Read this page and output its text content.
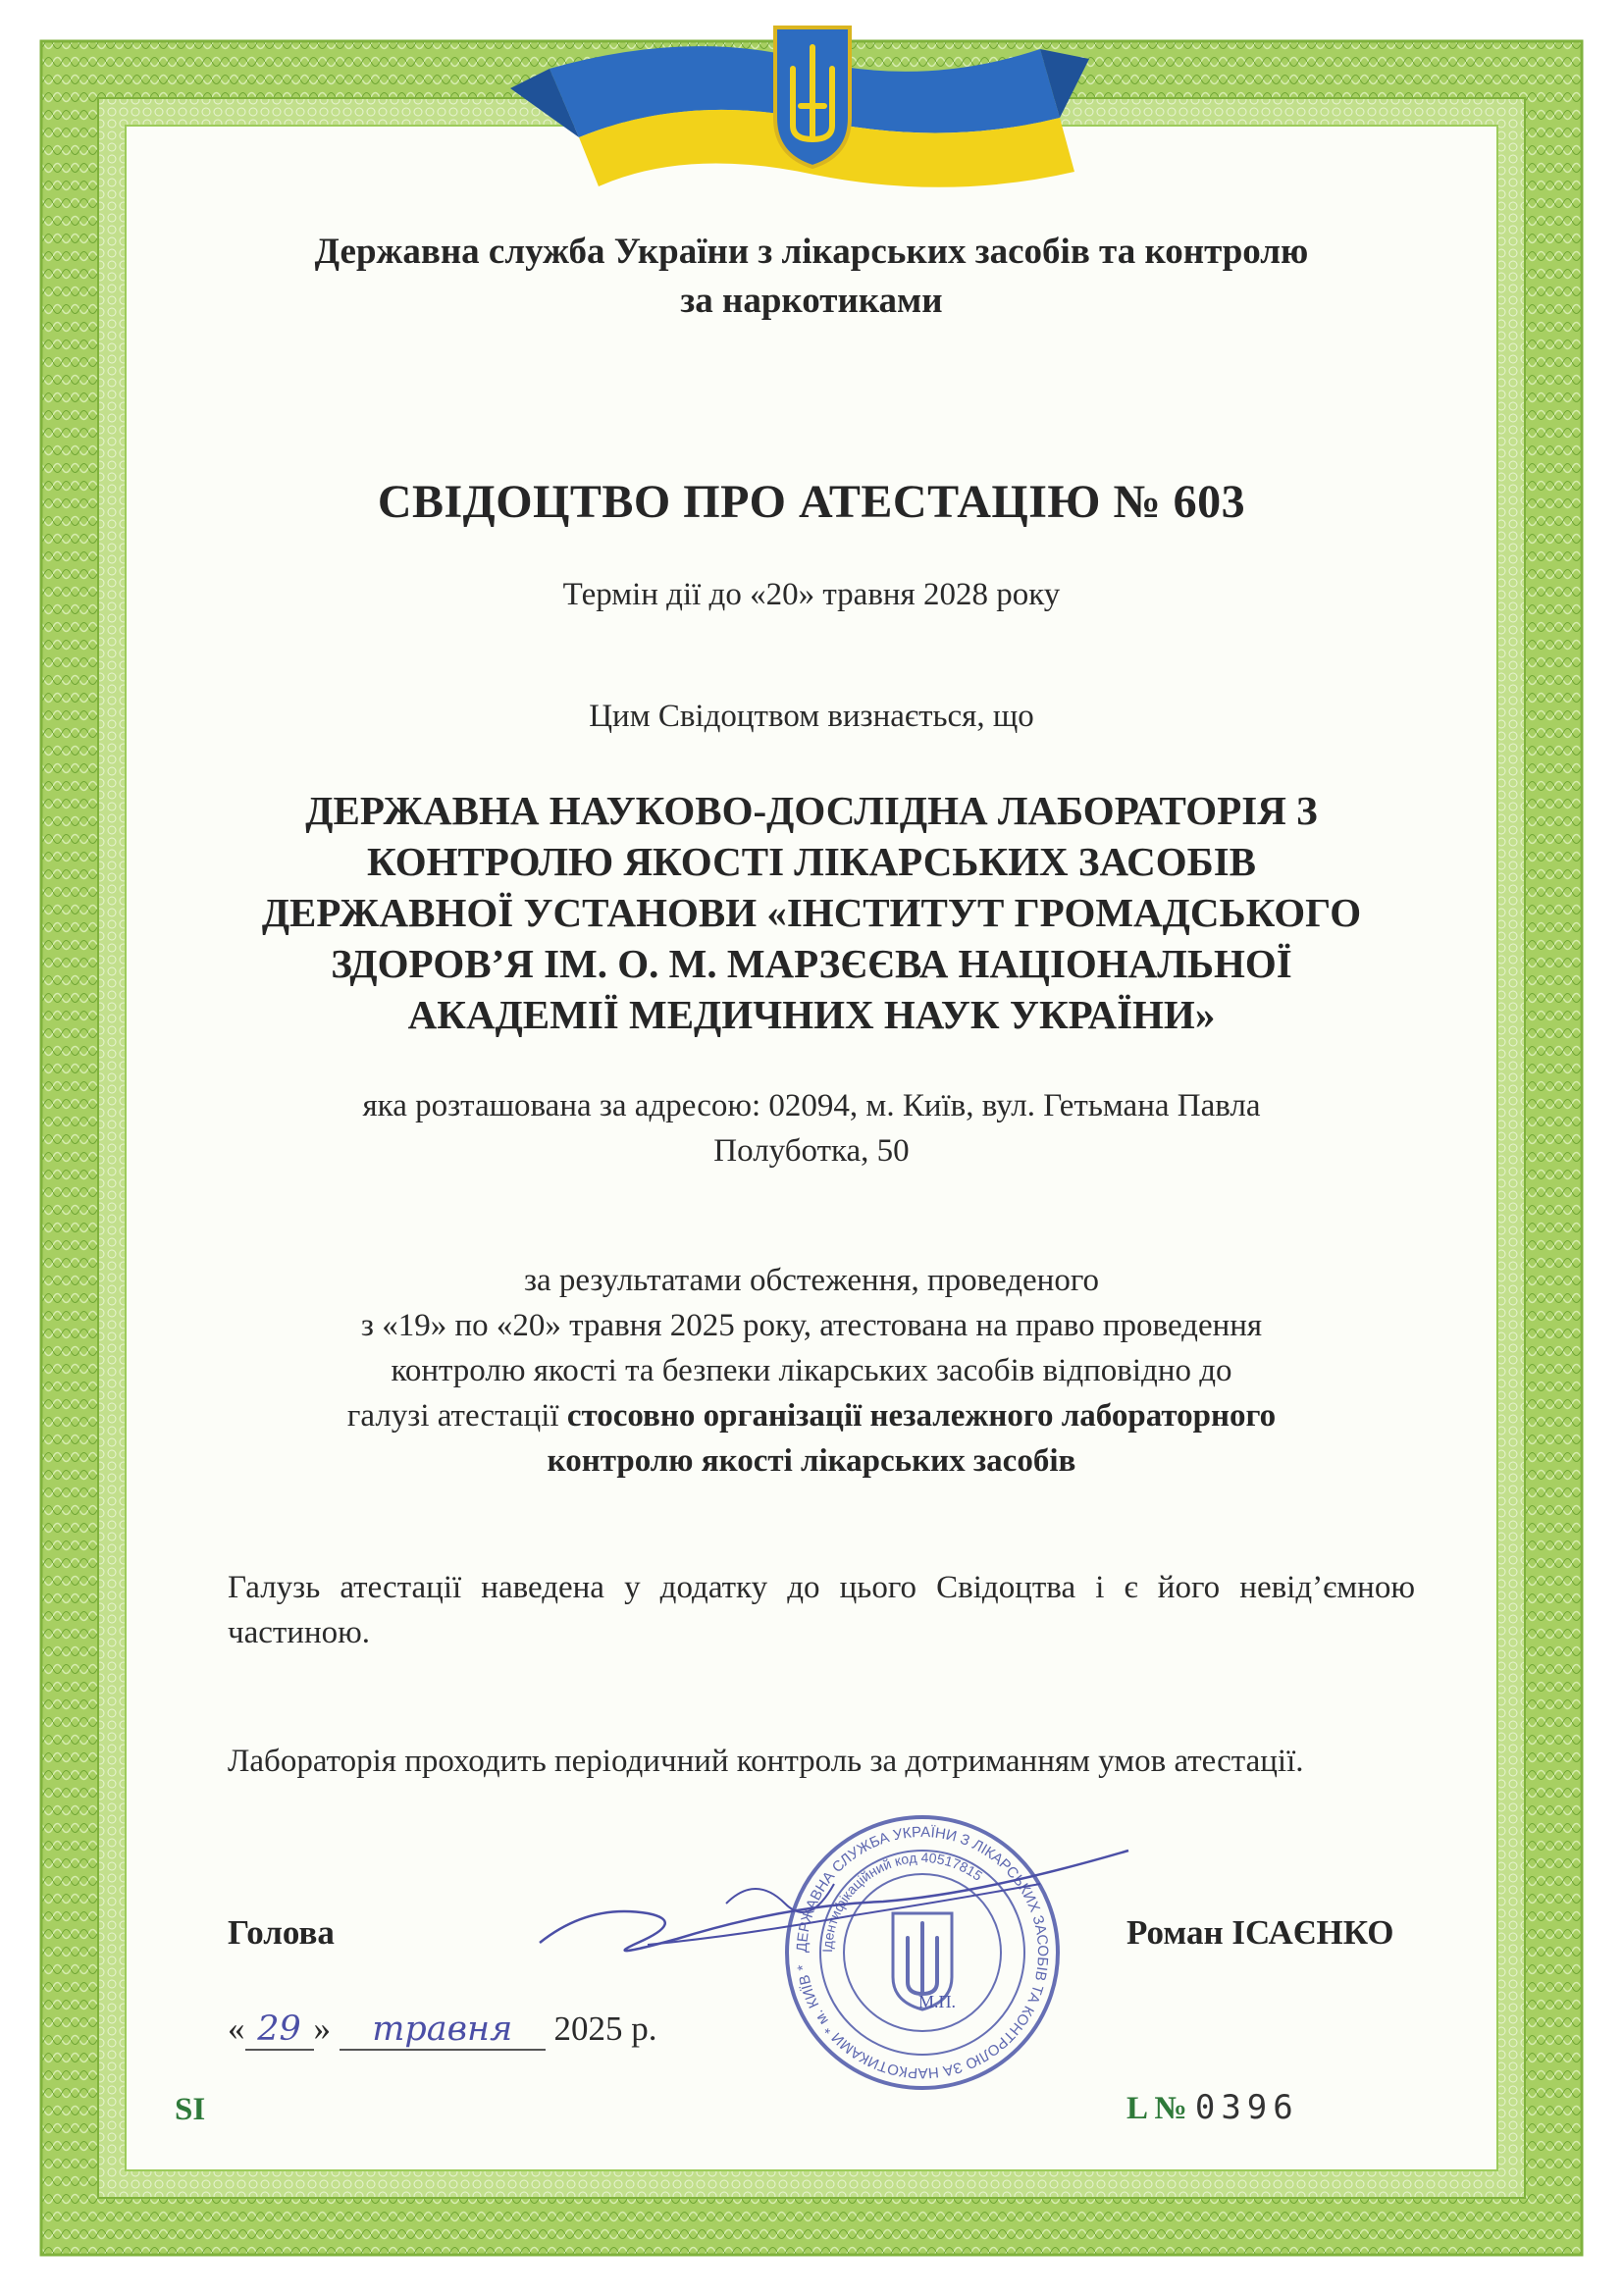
Державна служба України з лікарських засобів та контролю
за наркотиками
СВІДОЦТВО ПРО АТЕСТАЦІЮ № 603
Термін дії до «20» травня 2028 року
Цим Свідоцтвом визнається, що
ДЕРЖАВНА НАУКОВО-ДОСЛІДНА ЛАБОРАТОРІЯ З
КОНТРОЛЮ ЯКОСТІ ЛІКАРСЬКИХ ЗАСОБІВ
ДЕРЖАВНОЇ УСТАНОВИ «ІНСТИТУТ ГРОМАДСЬКОГО
ЗДОРОВ’Я ІМ. О. М. МАРЗЄЄВА НАЦІОНАЛЬНОЇ
АКАДЕМІЇ МЕДИЧНИХ НАУК УКРАЇНИ»
яка розташована за адресою: 02094, м. Київ, вул. Гетьмана Павла
Полуботка, 50
за результатами обстеження, проведеного
з «19» по «20» травня 2025 року, атестована на право проведення
контролю якості та безпеки лікарських засобів відповідно до
галузі атестації стосовно організації незалежного лабораторного
контролю якості лікарських засобів
Галузь атестації наведена у додатку до цього Свідоцтва і є його невід’ємною частиною.
Лабораторія проходить періодичний контроль за дотриманням умов атестації.
ДЕРЖАВНА СЛУЖБА УКРАЇНИ З ЛІКАРСЬКИХ ЗАСОБІВ ТА КОНТРОЛЮ ЗА НАРКОТИКАМИ * м. КИЇВ *
Ідентифікаційний код 40517815
М.П.
Голова	Роман ІСАЄНКО
« 29 » травня 2025 р.
SI	L № 0396
